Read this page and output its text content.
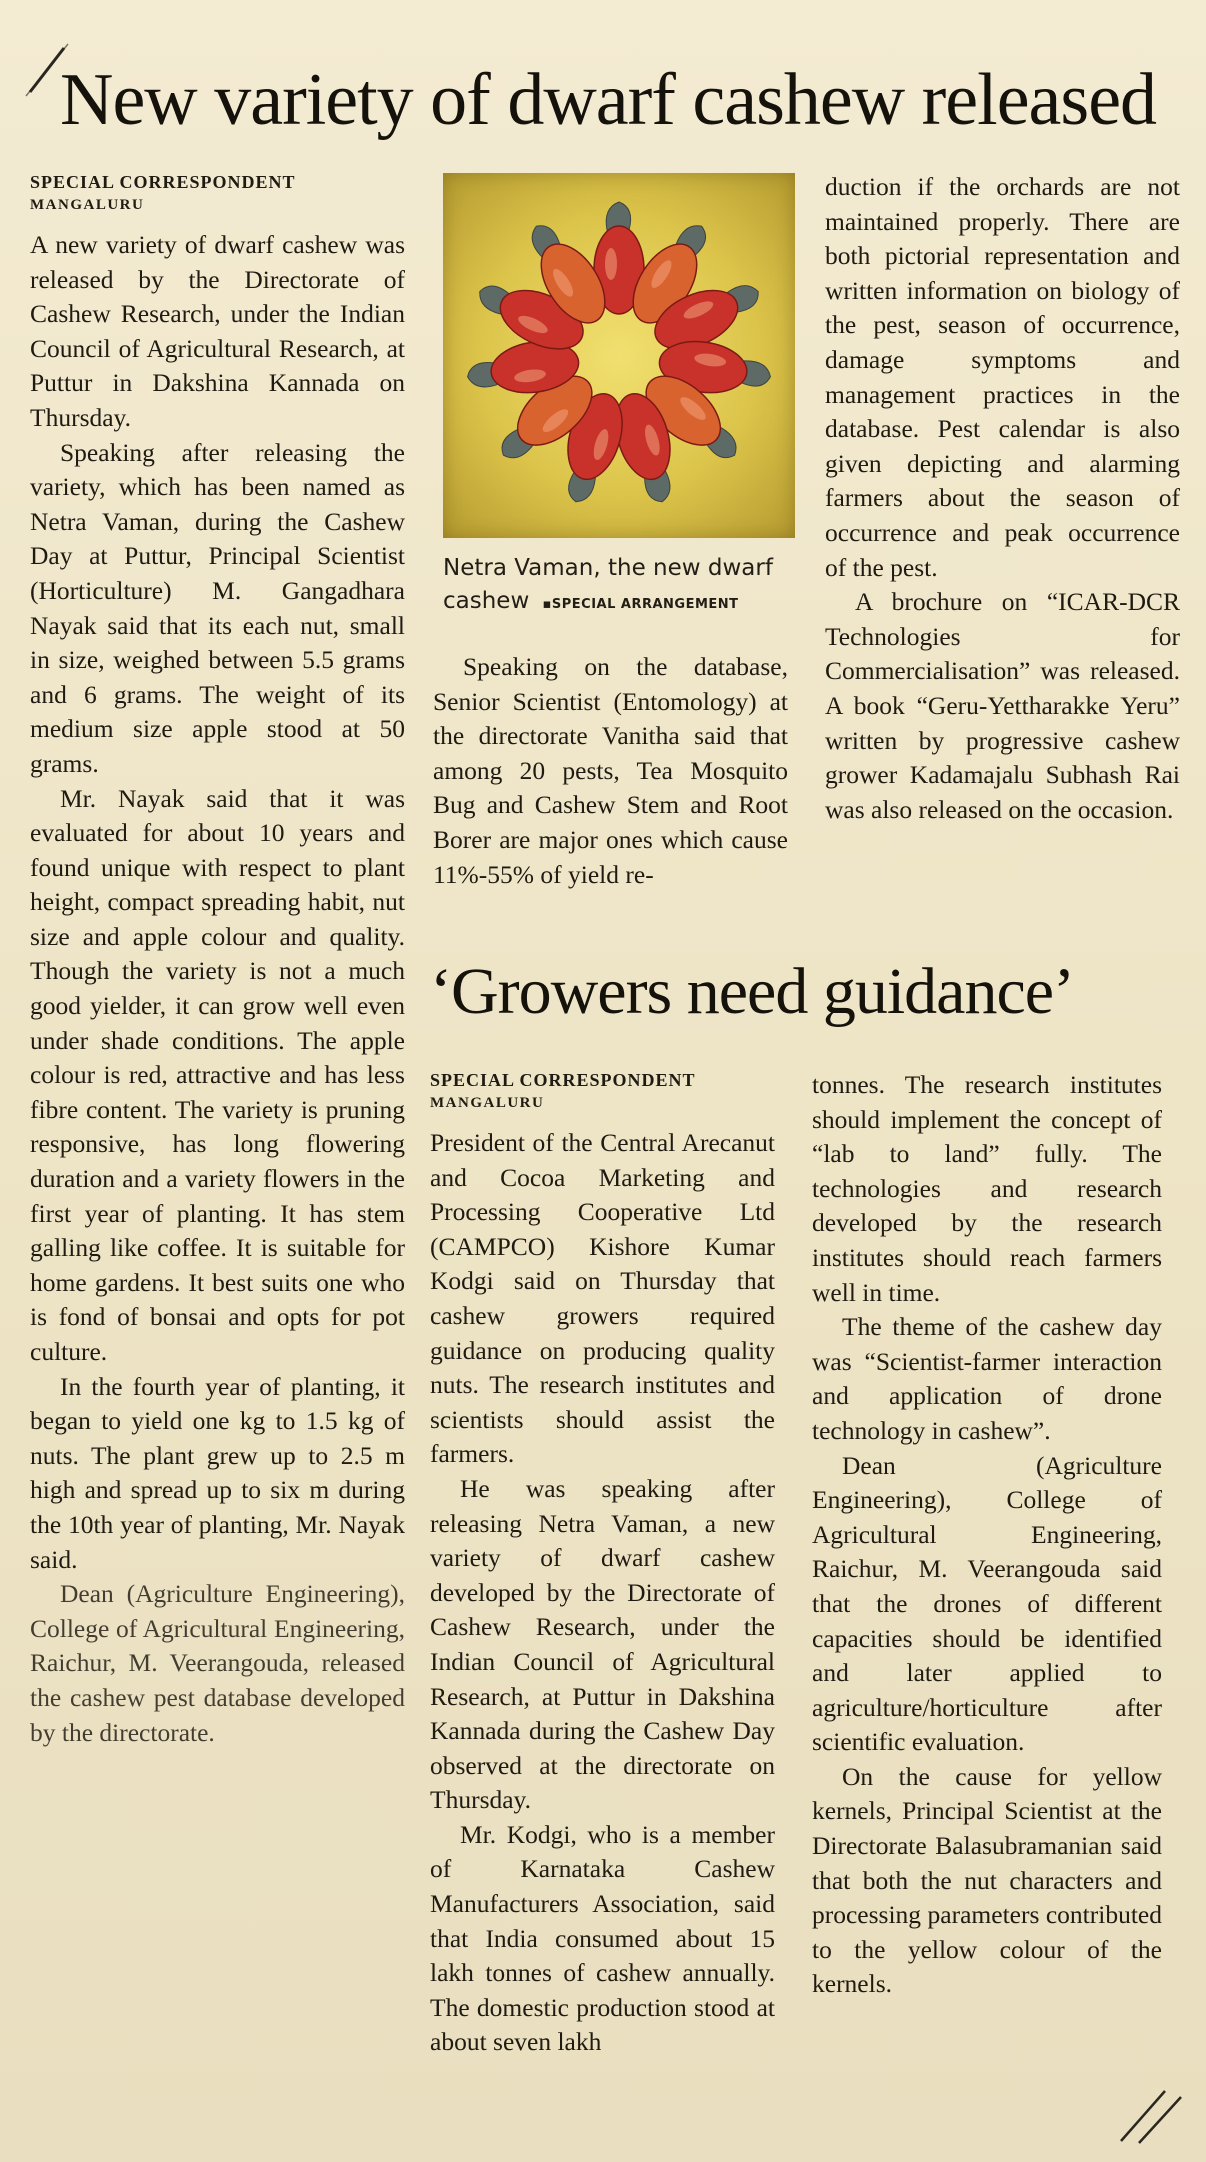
New variety of dwarf cashew released
SPECIAL CORRESPONDENT
MANGALURU

A new variety of dwarf cashew was released by the Directorate of Cashew Research, under the Indian Council of Agricultural Research, at Puttur in Dakshina Kannada on Thursday.

Speaking after releasing the variety, which has been named as Netra Vaman, during the Cashew Day at Puttur, Principal Scientist (Horticulture) M. Gangadhara Nayak said that its each nut, small in size, weighed between 5.5 grams and 6 grams. The weight of its medium size apple stood at 50 grams.

Mr. Nayak said that it was evaluated for about 10 years and found unique with respect to plant height, compact spreading habit, nut size and apple colour and quality. Though the variety is not a much good yielder, it can grow well even under shade conditions. The apple colour is red, attractive and has less fibre content. The variety is pruning responsive, has long flowering duration and a variety flowers in the first year of planting. It has stem galling like coffee. It is suitable for home gardens. It best suits one who is fond of bonsai and opts for pot culture.

In the fourth year of planting, it began to yield one kg to 1.5 kg of nuts. The plant grew up to 2.5 m high and spread up to six m during the 10th year of planting, Mr. Nayak said.

Dean (Agriculture Engineering), College of Agricultural Engineering, Raichur, M. Veerangouda, released the cashew pest database developed by the directorate.

Netra Vaman, the new dwarf cashew ▪SPECIAL ARRANGEMENT

Speaking on the database, Senior Scientist (Entomology) at the directorate Vanitha said that among 20 pests, Tea Mosquito Bug and Cashew Stem and Root Borer are major ones which cause 11%-55% of yield re-

duction if the orchards are not maintained properly. There are both pictorial representation and written information on biology of the pest, season of occurrence, damage symptoms and management practices in the database. Pest calendar is also given depicting and alarming farmers about the season of occurrence and peak occurrence of the pest.

A brochure on “ICAR-DCR Technologies for Commercialisation” was released. A book “Geru-Yettharakke Yeru” written by progressive cashew grower Kadamajalu Subhash Rai was also released on the occasion.

‘Growers need guidance’
SPECIAL CORRESPONDENT
MANGALURU

President of the Central Arecanut and Cocoa Marketing and Processing Cooperative Ltd (CAMPCO) Kishore Kumar Kodgi said on Thursday that cashew growers required guidance on producing quality nuts. The research institutes and scientists should assist the farmers.

He was speaking after releasing Netra Vaman, a new variety of dwarf cashew developed by the Directorate of Cashew Research, under the Indian Council of Agricultural Research, at Puttur in Dakshina Kannada during the Cashew Day observed at the directorate on Thursday.

Mr. Kodgi, who is a member of Karnataka Cashew Manufacturers Association, said that India consumed about 15 lakh tonnes of cashew annually. The domestic production stood at about seven lakh

tonnes. The research institutes should implement the concept of “lab to land” fully. The technologies and research developed by the research institutes should reach farmers well in time.

The theme of the cashew day was “Scientist-farmer interaction and application of drone technology in cashew”.

Dean (Agriculture Engineering), College of Agricultural Engineering, Raichur, M. Veerangouda said that the drones of different capacities should be identified and later applied to agriculture/horticulture after scientific evaluation.

On the cause for yellow kernels, Principal Scientist at the Directorate Balasubramanian said that both the nut characters and processing parameters contributed to the yellow colour of the kernels.
